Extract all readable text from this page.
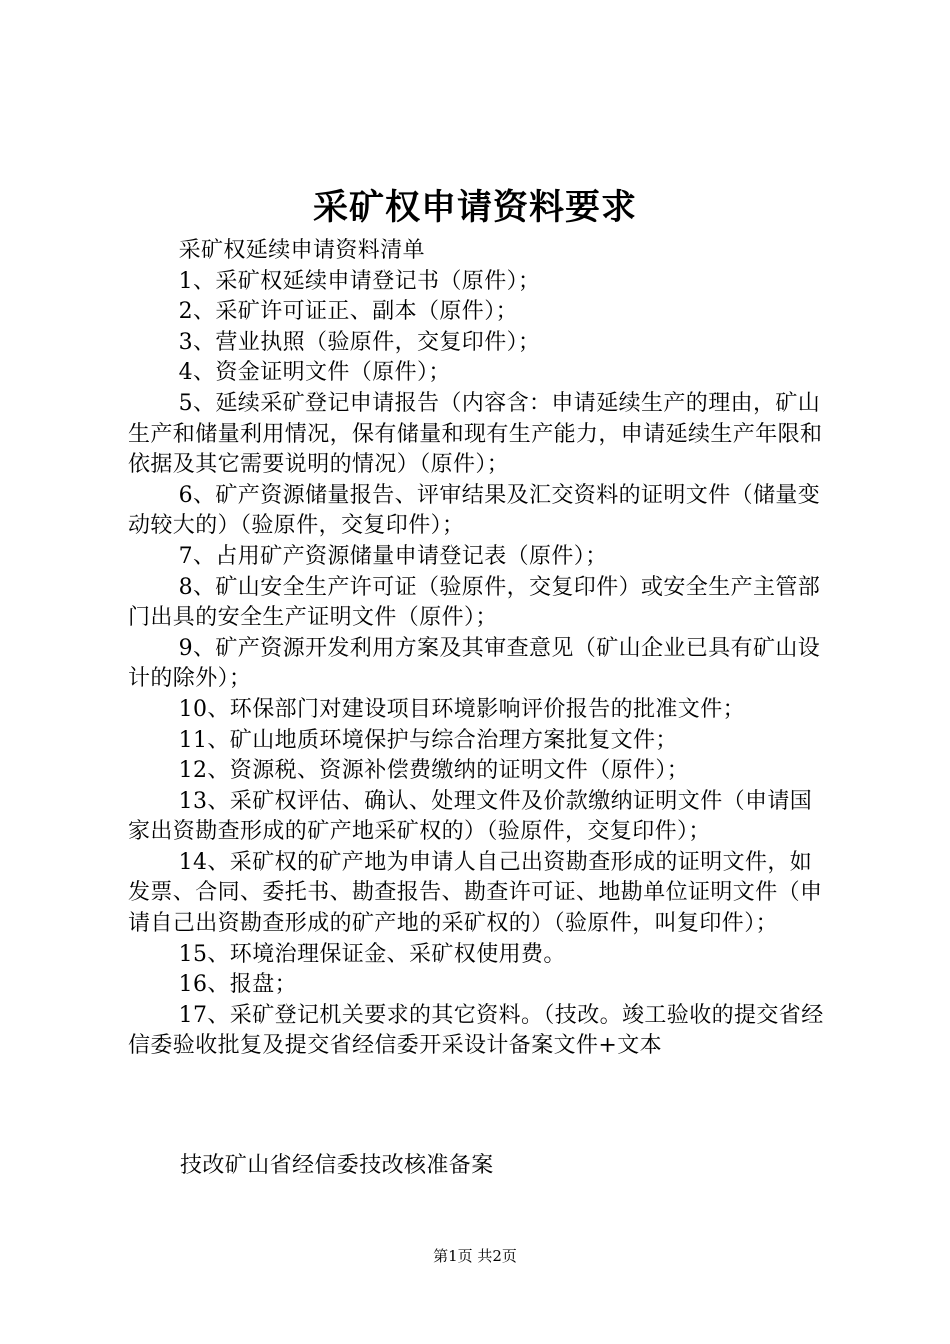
采矿权申请资料要求

采矿权延续申请资料清单

1、采矿权延续申请登记书（原件）；

2、采矿许可证正、副本（原件）；

3、营业执照（验原件，交复印件）；

4、资金证明文件（原件）；

5、延续采矿登记申请报告（内容含：申请延续生产的理由，矿山生产和储量利用情况，保有储量和现有生产能力，申请延续生产年限和依据及其它需要说明的情况）（原件）；

6、矿产资源储量报告、评审结果及汇交资料的证明文件（储量变动较大的）（验原件，交复印件）；

7、占用矿产资源储量申请登记表（原件）；

8、矿山安全生产许可证（验原件，交复印件）或安全生产主管部门出具的安全生产证明文件（原件）；

9、矿产资源开发利用方案及其审查意见（矿山企业已具有矿山设计的除外）；

10、环保部门对建设项目环境影响评价报告的批准文件；

11、矿山地质环境保护与综合治理方案批复文件；

12、资源税、资源补偿费缴纳的证明文件（原件）；

13、采矿权评估、确认、处理文件及价款缴纳证明文件（申请国家出资勘查形成的矿产地采矿权的）（验原件，交复印件）；

14、采矿权的矿产地为申请人自己出资勘查形成的证明文件，如发票、合同、委托书、勘查报告、勘查许可证、地勘单位证明文件（申请自己出资勘查形成的矿产地的采矿权的）（验原件，叫复印件）；

15、环境治理保证金、采矿权使用费。

16、报盘；

17、采矿登记机关要求的其它资料。（技改。竣工验收的提交省经信委验收批复及提交省经信委开采设计备案文件+文本

技改矿山省经信委技改核准备案
第1页 共2页
